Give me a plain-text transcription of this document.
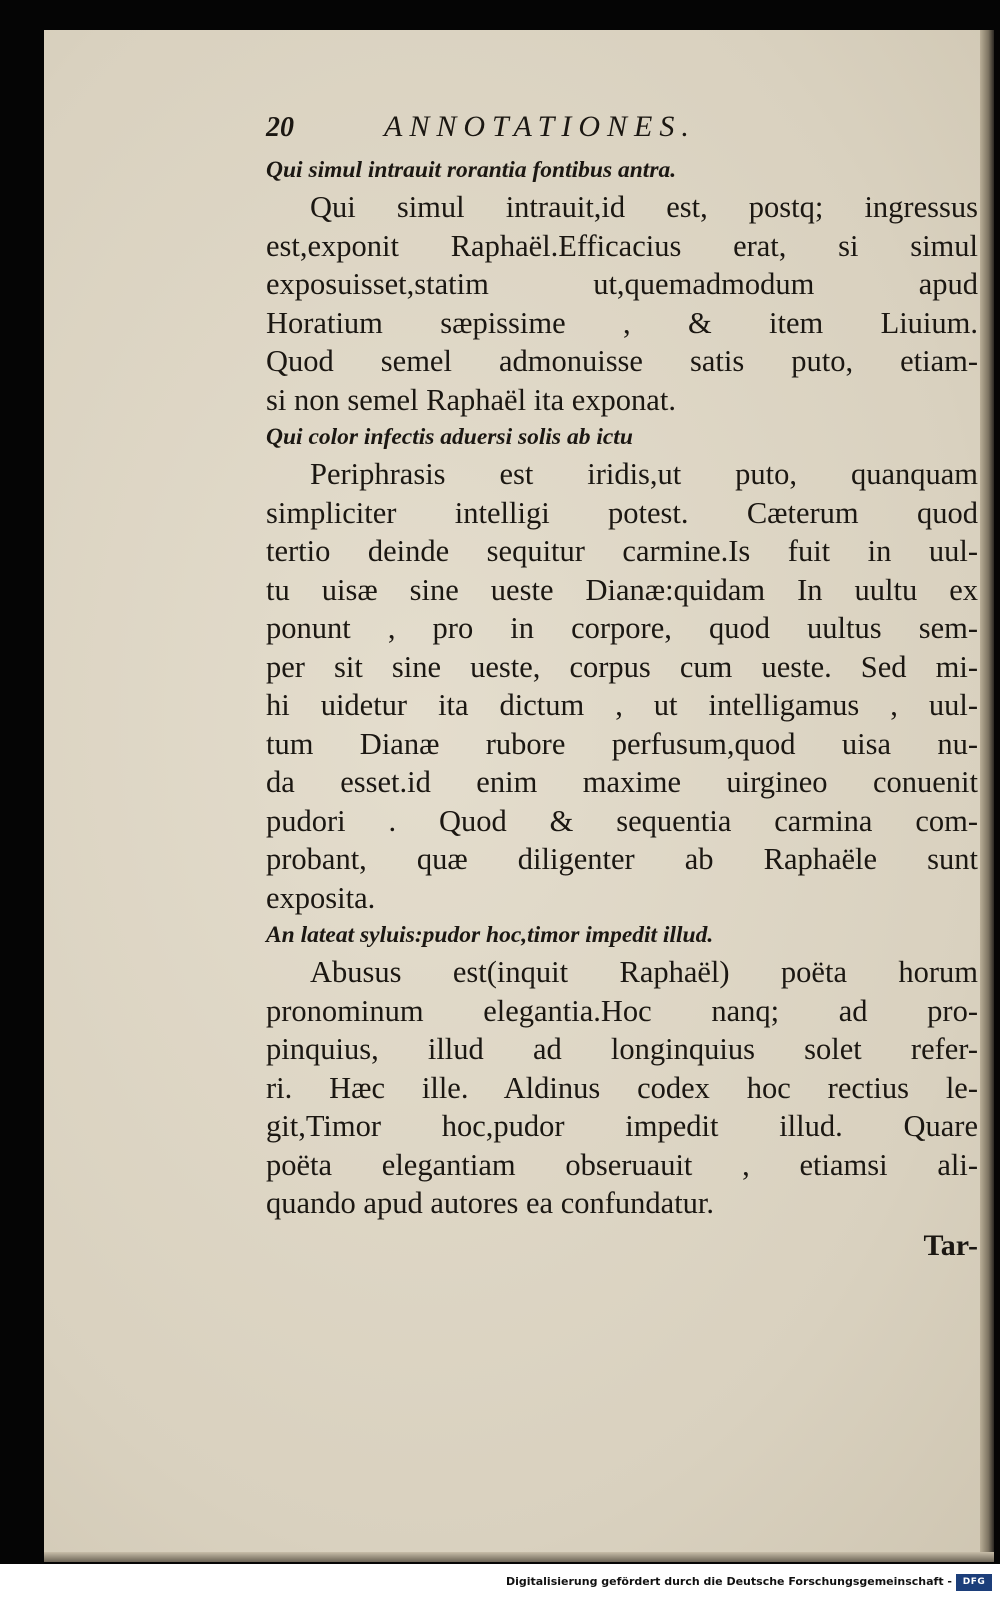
20	ANNOTATIONES.
Qui simul intrauit rorantia fontibus antra.
Qui simul intrauit,id est, postq; ingressus
est,exponit Raphaël.Efficacius erat, si simul
exposuisset,statim ut,quemadmodum apud
Horatium sæpissime , & item Liuium.
Quod semel admonuisse satis puto, etiam-
si non semel Raphaël ita exponat.
Qui color infectis aduersi solis ab ictu
Periphrasis est iridis,ut puto, quanquam
simpliciter intelligi potest. Cæterum quod
tertio deinde sequitur carmine.Is fuit in uul-
tu uisæ sine ueste Dianæ:quidam In uultu ex
ponunt , pro in corpore, quod uultus sem-
per sit sine ueste, corpus cum ueste. Sed mi-
hi uidetur ita dictum , ut intelligamus , uul-
tum Dianæ rubore perfusum,quod uisa nu-
da esset.id enim maxime uirgineo conuenit
pudori . Quod & sequentia carmina com-
probant, quæ diligenter ab Raphaële sunt
exposita.
An lateat syluis:pudor hoc,timor impedit illud.
Abusus est(inquit Raphaël) poëta horum
pronominum elegantia.Hoc nanq; ad pro-
pinquius, illud ad longinquius solet refer-
ri. Hæc ille. Aldinus codex hoc rectius le-
git,Timor hoc,pudor impedit illud. Quare
poëta elegantiam obseruauit , etiamsi ali-
quando apud autores ea confundatur.
Tar-
Digitalisierung gefördert durch die Deutsche Forschungsgemeinschaft -	DFG
